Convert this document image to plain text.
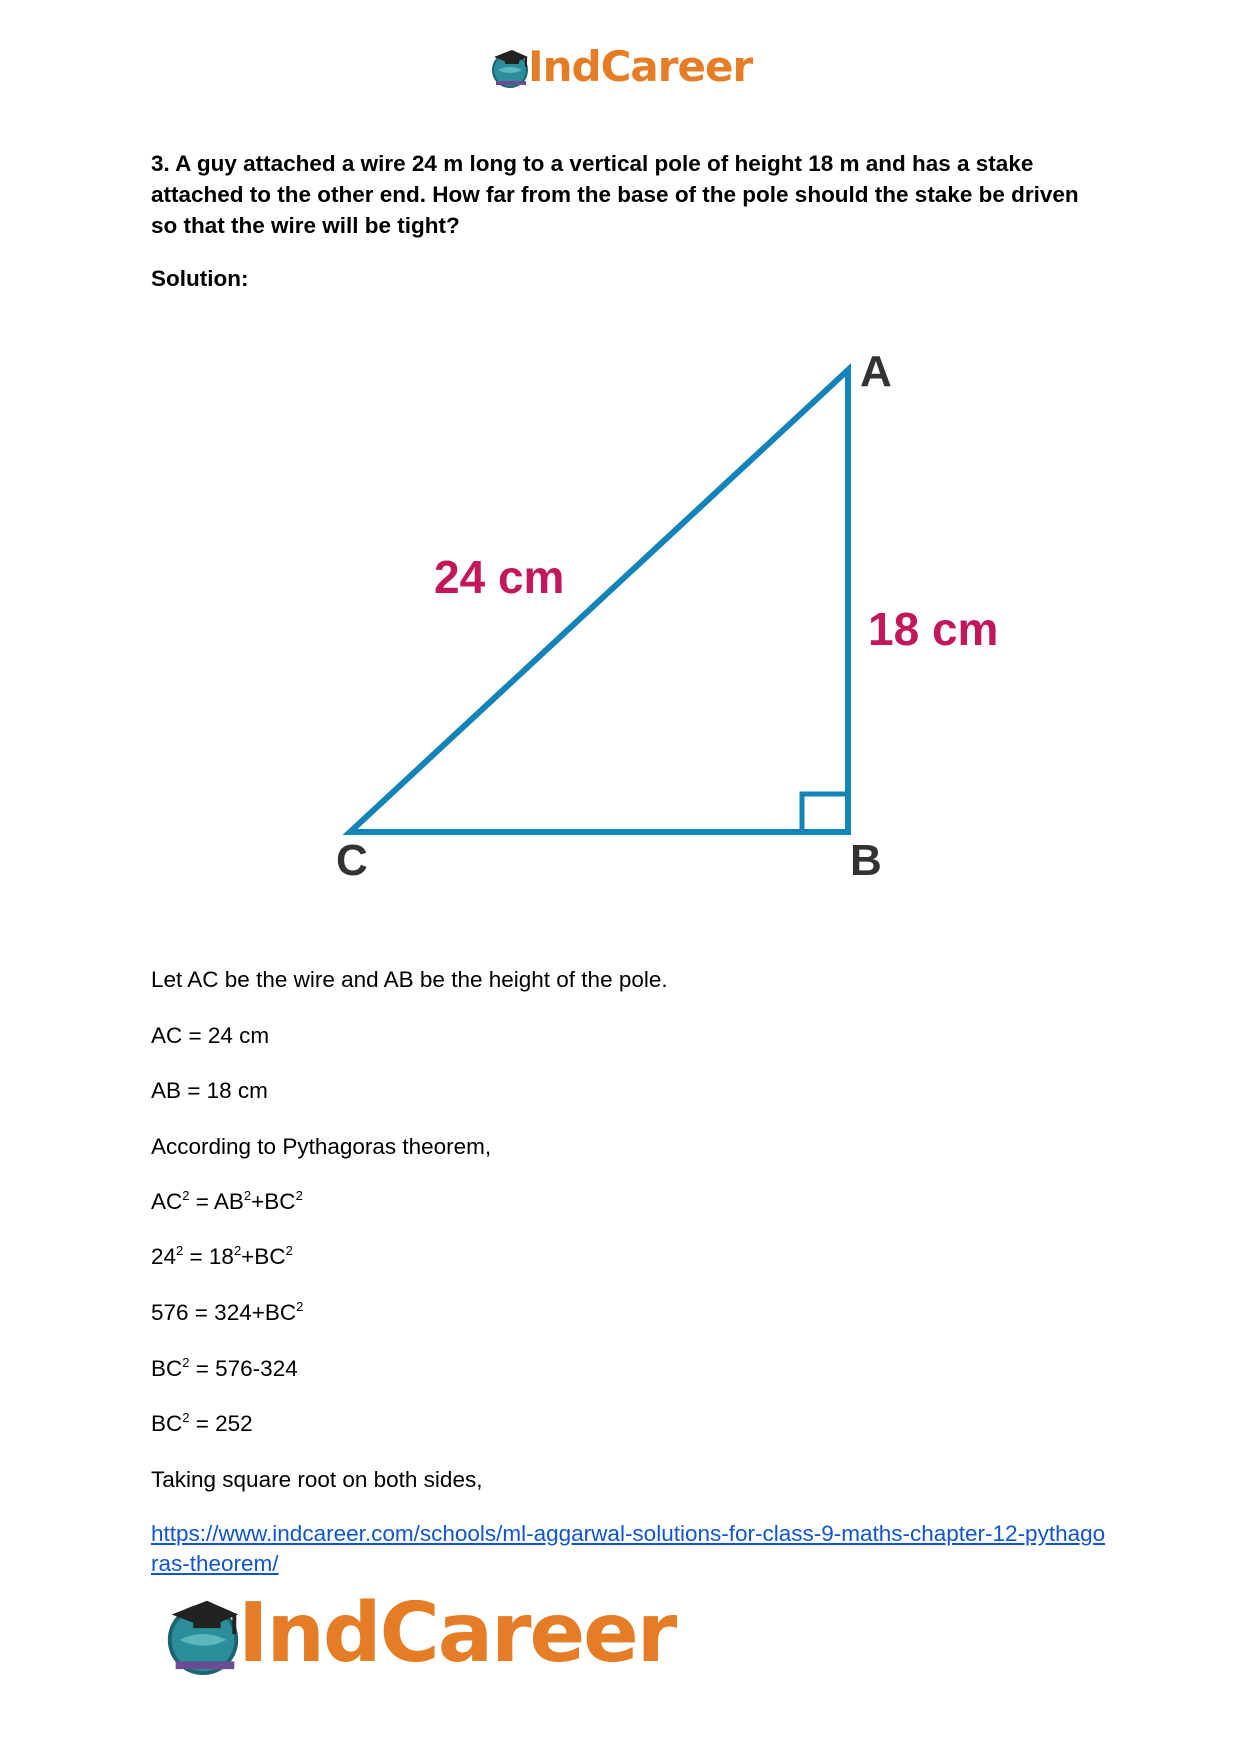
IndCareer

3. A guy attached a wire 24 m long to a vertical pole of height 18 m and has a stake attached to the other end. How far from the base of the pole should the stake be driven so that the wire will be tight?

Solution:

A
B
C
24 cm
18 cm

Let AC be the wire and AB be the height of the pole.

AC = 24 cm

AB = 18 cm

According to Pythagoras theorem,

$AC^2 = AB^2+BC^2$

$24^2 = 18^2+BC^2$

$576 = 324+BC^2$

$BC^2 = 576-324$

$BC^2 = 252$

Taking square root on both sides,

https://www.indcareer.com/schools/ml-aggarwal-solutions-for-class-9-maths-chapter-12-pythagoras-theorem/
IndCareer
